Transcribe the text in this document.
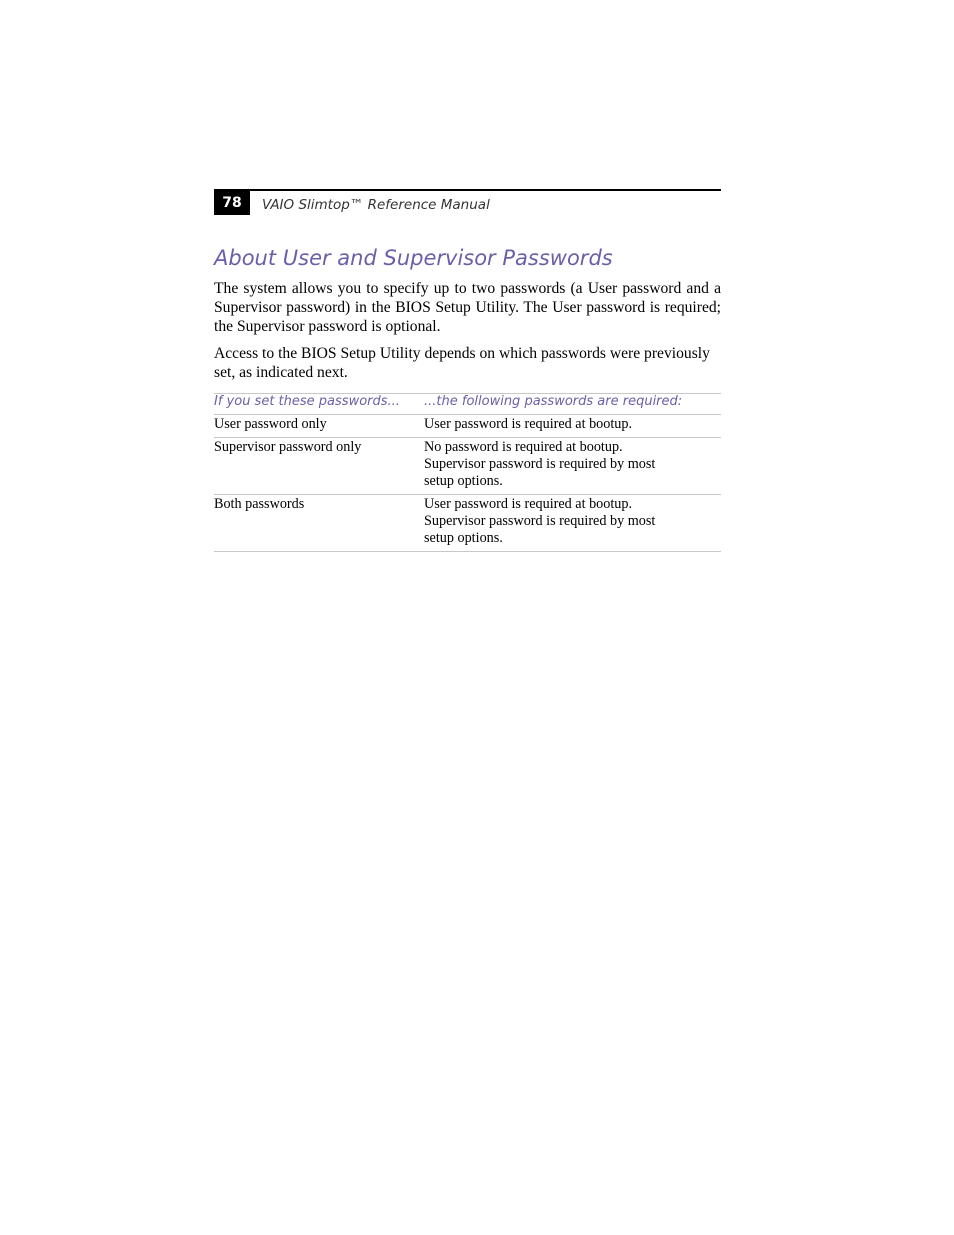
78	VAIO Slimtop™ Reference Manual
About User and Supervisor Passwords

The system allows you to specify up to two passwords (a User password and a Supervisor password) in the BIOS Setup Utility. The User password is required; the Supervisor password is optional.

Access to the BIOS Setup Utility depends on which passwords were previously set, as indicated next.

If you set these passwords...	...the following passwords are required:
User password only	User password is required at bootup.

Supervisor password only	No password is required at bootup.
Supervisor password is required by most
setup options.

Both passwords	User password is required at bootup.
Supervisor password is required by most
setup options.
